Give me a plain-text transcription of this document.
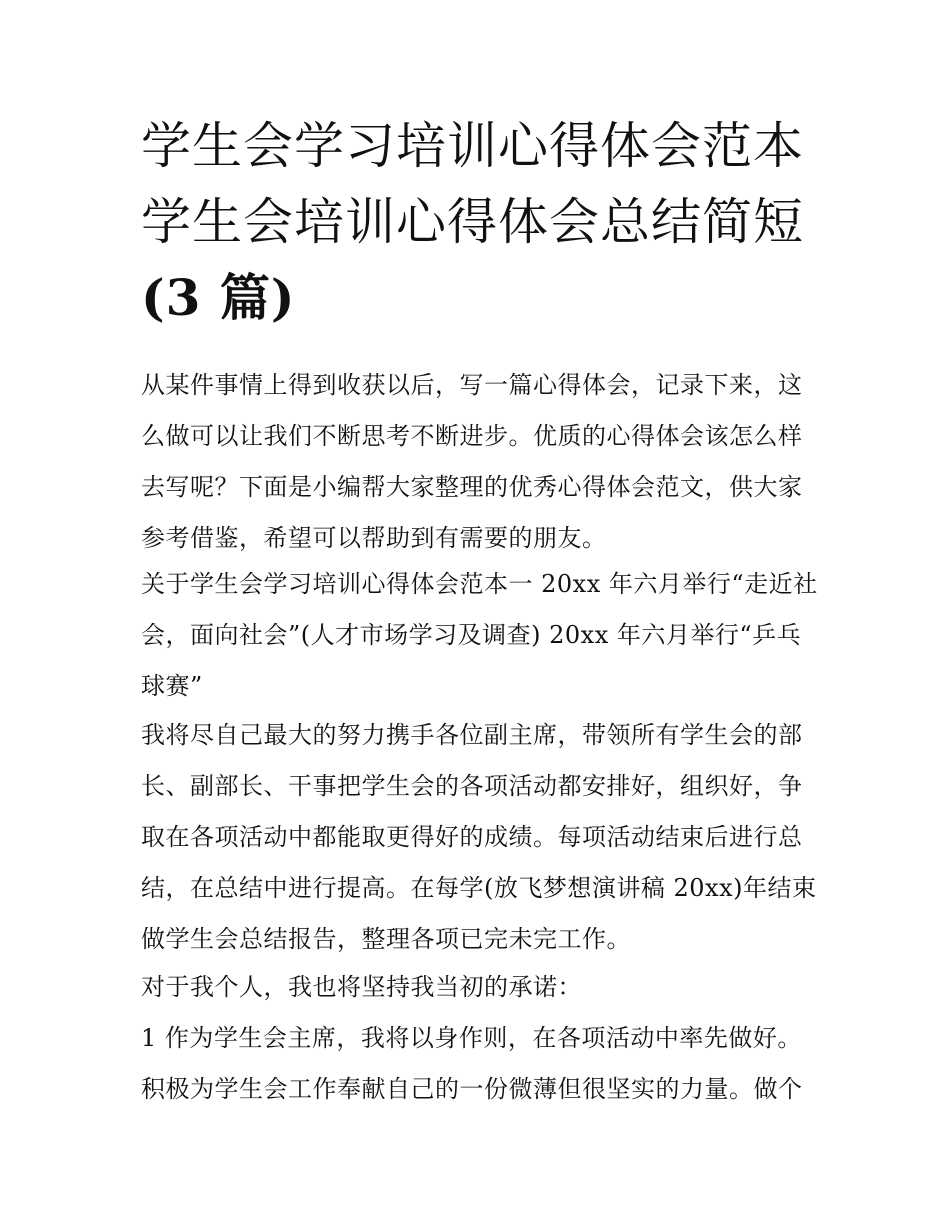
学生会学习培训心得体会范本
学生会培训心得体会总结简短
(3 篇)

从某件事情上得到收获以后，写一篇心得体会，记录下来，这
么做可以让我们不断思考不断进步。优质的心得体会该怎么样
去写呢？下面是小编帮大家整理的优秀心得体会范文，供大家
参考借鉴，希望可以帮助到有需要的朋友。

关于学生会学习培训心得体会范本一 20xx 年六月举行“走近社
会，面向社会”(人才市场学习及调查) 20xx 年六月举行“乒乓
球赛”

我将尽自己最大的努力携手各位副主席，带领所有学生会的部
长、副部长、干事把学生会的各项活动都安排好，组织好，争
取在各项活动中都能取更得好的成绩。每项活动结束后进行总
结，在总结中进行提高。在每学(放飞梦想演讲稿 20xx)年结束
做学生会总结报告，整理各项已完未完工作。

对于我个人，我也将坚持我当初的承诺：

1 作为学生会主席，我将以身作则，在各项活动中率先做好。
积极为学生会工作奉献自己的一份微薄但很坚实的力量。做个
